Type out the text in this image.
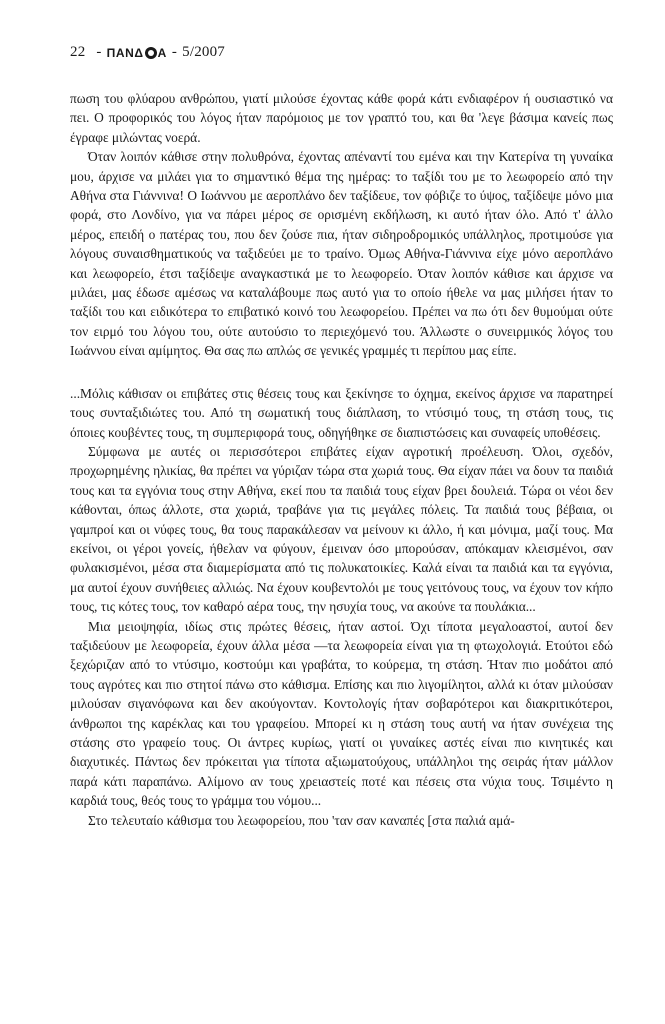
22 - ΠΑΝΔ Α - 5/2007

πωση του φλύαρου ανθρώπου, γιατί μιλούσε έχοντας κάθε φορά κάτι ενδιαφέρον ή ουσιαστικό να πει. Ο προφορικός του λόγος ήταν παρόμοιος με τον γραπτό του, και θα 'λεγε βάσιμα κανείς πως έγραφε μιλώντας νοερά.

Όταν λοιπόν κάθισε στην πολυθρόνα, έχοντας απέναντί του εμένα και την Κατερίνα τη γυναίκα μου, άρχισε να μιλάει για το σημαντικό θέμα της ημέρας: το ταξίδι του με το λεωφορείο από την Αθήνα στα Γιάννινα! Ο Ιωάννου με αεροπλάνο δεν ταξίδευε, τον φόβιζε το ύψος, ταξίδεψε μόνο μια φορά, στο Λονδίνο, για να πάρει μέρος σε ορισμένη εκδήλωση, κι αυτό ήταν όλο. Από τ' άλλο μέρος, επειδή ο πατέρας του, που δεν ζούσε πια, ήταν σιδηροδρομικός υπάλληλος, προτιμούσε για λόγους συναισθηματικούς να ταξιδεύει με το τραίνο. Όμως Αθήνα-Γιάννινα είχε μόνο αεροπλάνο και λεωφορείο, έτσι ταξίδεψε αναγκαστικά με το λεωφορείο. Όταν λοιπόν κάθισε και άρχισε να μιλάει, μας έδωσε αμέσως να καταλάβουμε πως αυτό για το οποίο ήθελε να μας μιλήσει ήταν το ταξίδι του και ειδικότερα το επιβατικό κοινό του λεωφορείου. Πρέπει να πω ότι δεν θυμούμαι ούτε τον ειρμό του λόγου του, ούτε αυτούσιο το περιεχόμενό του. Άλλωστε ο συνειρμικός λόγος του Ιωάννου είναι αμίμητος. Θα σας πω απλώς σε γενικές γραμμές τι περίπου μας είπε.

...Μόλις κάθισαν οι επιβάτες στις θέσεις τους και ξεκίνησε το όχημα, εκείνος άρχισε να παρατηρεί τους συνταξιδιώτες του. Από τη σωματική τους διάπλαση, το ντύσιμό τους, τη στάση τους, τις όποιες κουβέντες τους, τη συμπεριφορά τους, οδηγήθηκε σε διαπιστώσεις και συναφείς υποθέσεις.

Σύμφωνα με αυτές οι περισσότεροι επιβάτες είχαν αγροτική προέλευση. Όλοι, σχεδόν, προχωρημένης ηλικίας, θα πρέπει να γύριζαν τώρα στα χωριά τους. Θα είχαν πάει να δουν τα παιδιά τους και τα εγγόνια τους στην Αθήνα, εκεί που τα παιδιά τους είχαν βρει δουλειά. Τώρα οι νέοι δεν κάθονται, όπως άλλοτε, στα χωριά, τραβάνε για τις μεγάλες πόλεις. Τα παιδιά τους βέβαια, οι γαμπροί και οι νύφες τους, θα τους παρακάλεσαν να μείνουν κι άλλο, ή και μόνιμα, μαζί τους. Μα εκείνοι, οι γέροι γονείς, ήθελαν να φύγουν, έμειναν όσο μπορούσαν, απόκαμαν κλεισμένοι, σαν φυλακισμένοι, μέσα στα διαμερίσματα από τις πολυκατοικίες. Καλά είναι τα παιδιά και τα εγγόνια, μα αυτοί έχουν συνήθειες αλλιώς. Να έχουν κουβεντολόι με τους γειτόνους τους, να έχουν τον κήπο τους, τις κότες τους, τον καθαρό αέρα τους, την ησυχία τους, να ακούνε τα πουλάκια...

Μια μειοψηφία, ιδίως στις πρώτες θέσεις, ήταν αστοί. Όχι τίποτα μεγαλοαστοί, αυτοί δεν ταξιδεύουν με λεωφορεία, έχουν άλλα μέσα —τα λεωφορεία είναι για τη φτωχολογιά. Ετούτοι εδώ ξεχώριζαν από το ντύσιμο, κοστούμι και γραβάτα, το κούρεμα, τη στάση. Ήταν πιο μοδάτοι από τους αγρότες και πιο στητοί πάνω στο κάθισμα. Επίσης και πιο λιγομίλητοι, αλλά κι όταν μιλούσαν μιλούσαν σιγανόφωνα και δεν ακούγονταν. Κοντολογίς ήταν σοβαρότεροι και διακριτικότεροι, άνθρωποι της καρέκλας και του γραφείου. Μπορεί κι η στάση τους αυτή να ήταν συνέχεια της στάσης στο γραφείο τους. Οι άντρες κυρίως, γιατί οι γυναίκες αστές είναι πιο κινητικές και διαχυτικές. Πάντως δεν πρόκειται για τίποτα αξιωματούχους, υπάλληλοι της σειράς ήταν μάλλον παρά κάτι παραπάνω. Αλίμονο αν τους χρειαστείς ποτέ και πέσεις στα νύχια τους. Τσιμέντο η καρδιά τους, θεός τους το γράμμα του νόμου...

Στο τελευταίο κάθισμα του λεωφορείου, που 'ταν σαν καναπές [στα παλιά αμά-
